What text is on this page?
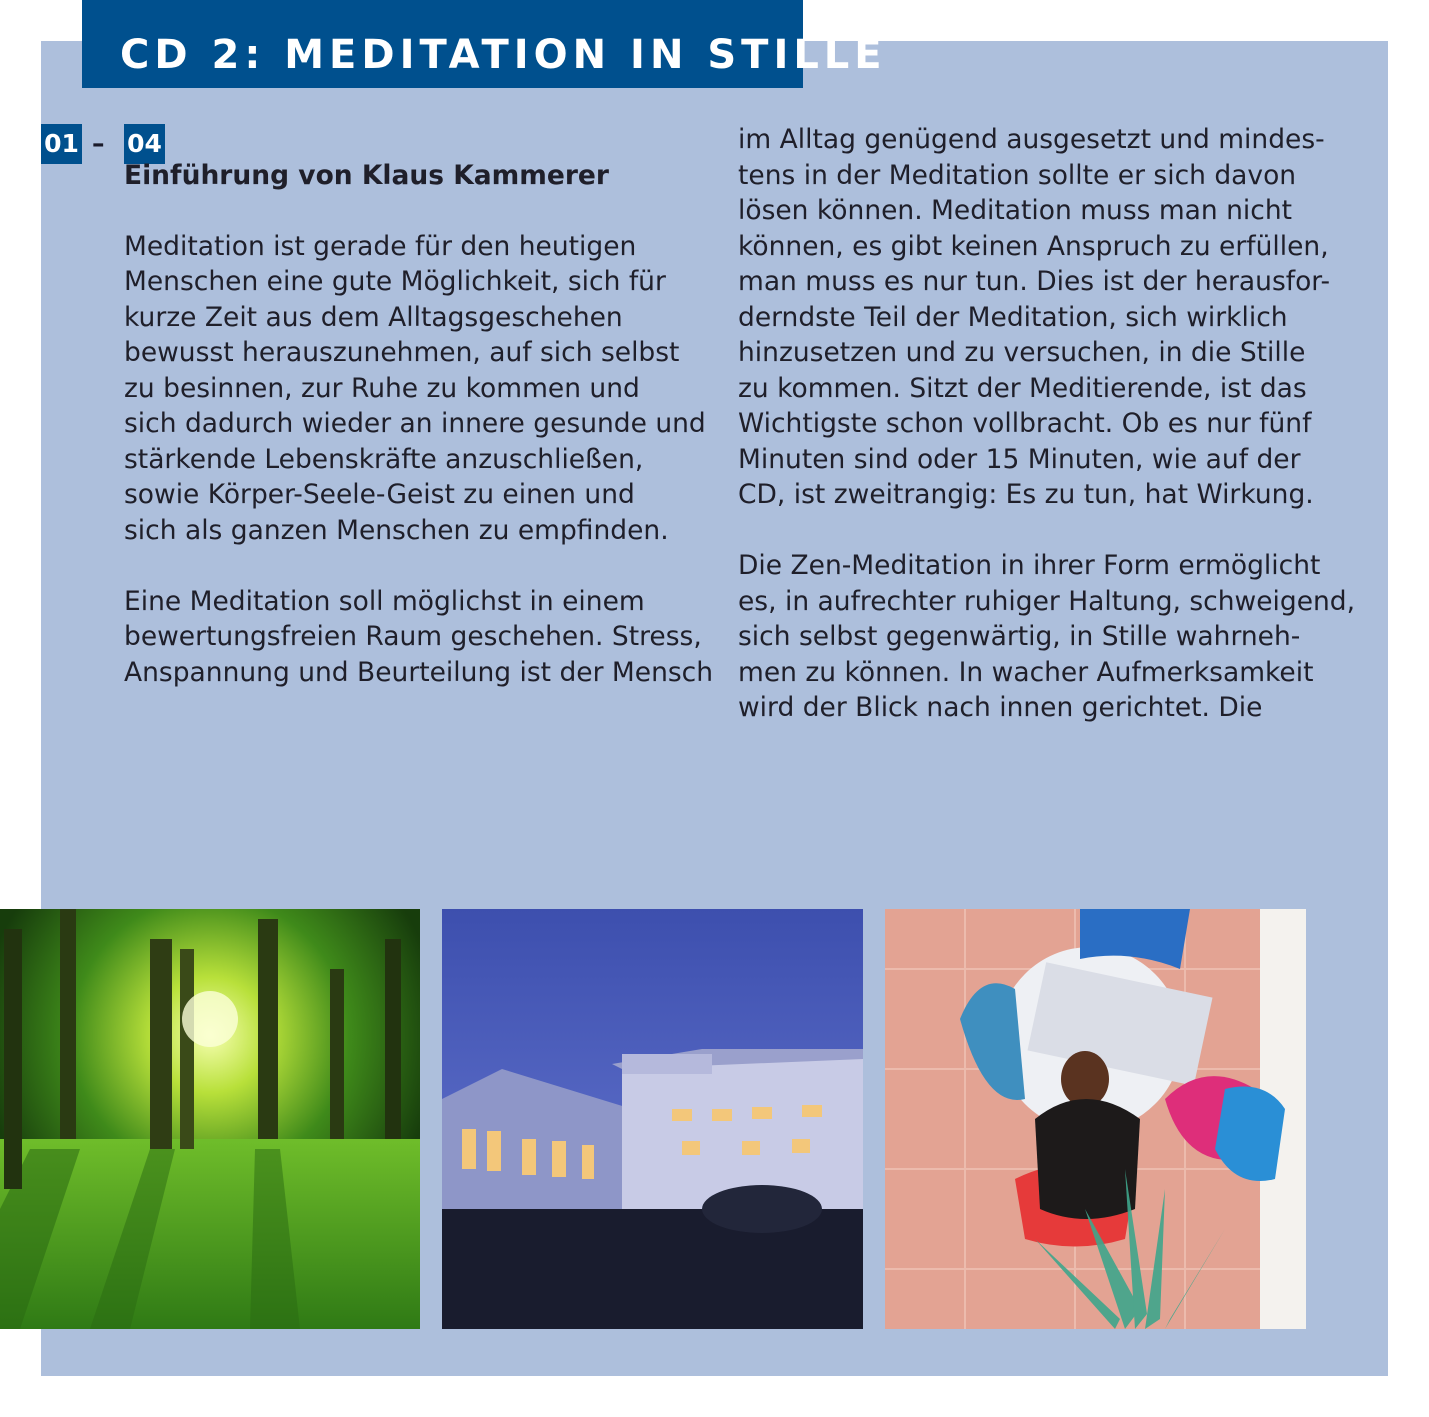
CD 2: MEDITATION IN STILLE
01 – 04
Einführung von Klaus Kammerer
Meditation ist gerade für den heutigen
Menschen eine gute Möglichkeit, sich für
kurze Zeit aus dem Alltagsgeschehen
bewusst herauszunehmen, auf sich selbst
zu besinnen, zur Ruhe zu kommen und
sich dadurch wieder an innere gesunde und
stärkende Lebenskräfte anzuschließen,
sowie Körper-Seele-Geist zu einen und
sich als ganzen Menschen zu empfinden.
Eine Meditation soll möglichst in einem
bewertungsfreien Raum geschehen. Stress,
Anspannung und Beurteilung ist der Mensch
im Alltag genügend ausgesetzt und mindes-
tens in der Meditation sollte er sich davon
lösen können. Meditation muss man nicht
können, es gibt keinen Anspruch zu erfüllen,
man muss es nur tun. Dies ist der herausfor-
derndste Teil der Meditation, sich wirklich
hinzusetzen und zu versuchen, in die Stille
zu kommen. Sitzt der Meditierende, ist das
Wichtigste schon vollbracht. Ob es nur fünf
Minuten sind oder 15 Minuten, wie auf der
CD, ist zweitrangig: Es zu tun, hat Wirkung.
Die Zen-Meditation in ihrer Form ermöglicht
es, in aufrechter ruhiger Haltung, schweigend,
sich selbst gegenwärtig, in Stille wahrneh-
men zu können. In wacher Aufmerksamkeit
wird der Blick nach innen gerichtet. Die
